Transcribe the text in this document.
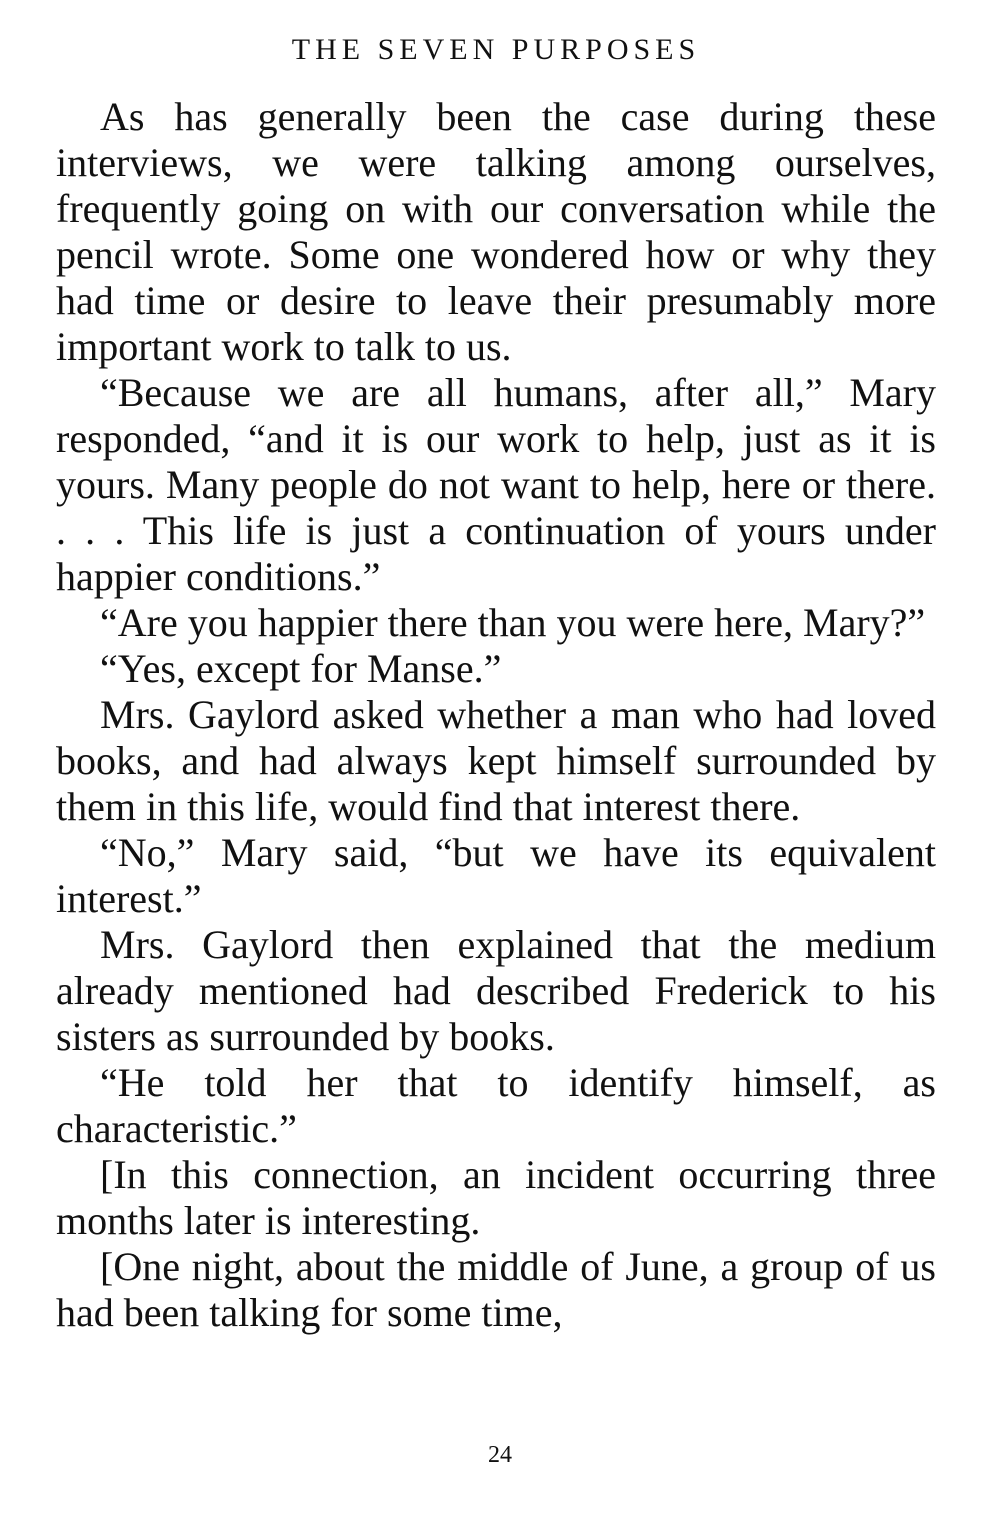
THE SEVEN PURPOSES

As has generally been the case during these interviews, we were talking among ourselves, frequently going on with our conversation while the pencil wrote. Some one wondered how or why they had time or desire to leave their presumably more important work to talk to us.

“Because we are all humans, after all,” Mary responded, “and it is our work to help, just as it is yours. Many people do not want to help, here or there. . . . This life is just a continuation of yours under happier conditions.”

“Are you happier there than you were here, Mary?”

“Yes, except for Manse.”

Mrs. Gaylord asked whether a man who had loved books, and had always kept himself surrounded by them in this life, would find that interest there.

“No,” Mary said, “but we have its equivalent interest.”

Mrs. Gaylord then explained that the medium already mentioned had described Frederick to his sisters as surrounded by books.

“He told her that to identify himself, as characteristic.”

[In this connection, an incident occurring three months later is interesting.

[One night, about the middle of June, a group of us had been talking for some time,

24
